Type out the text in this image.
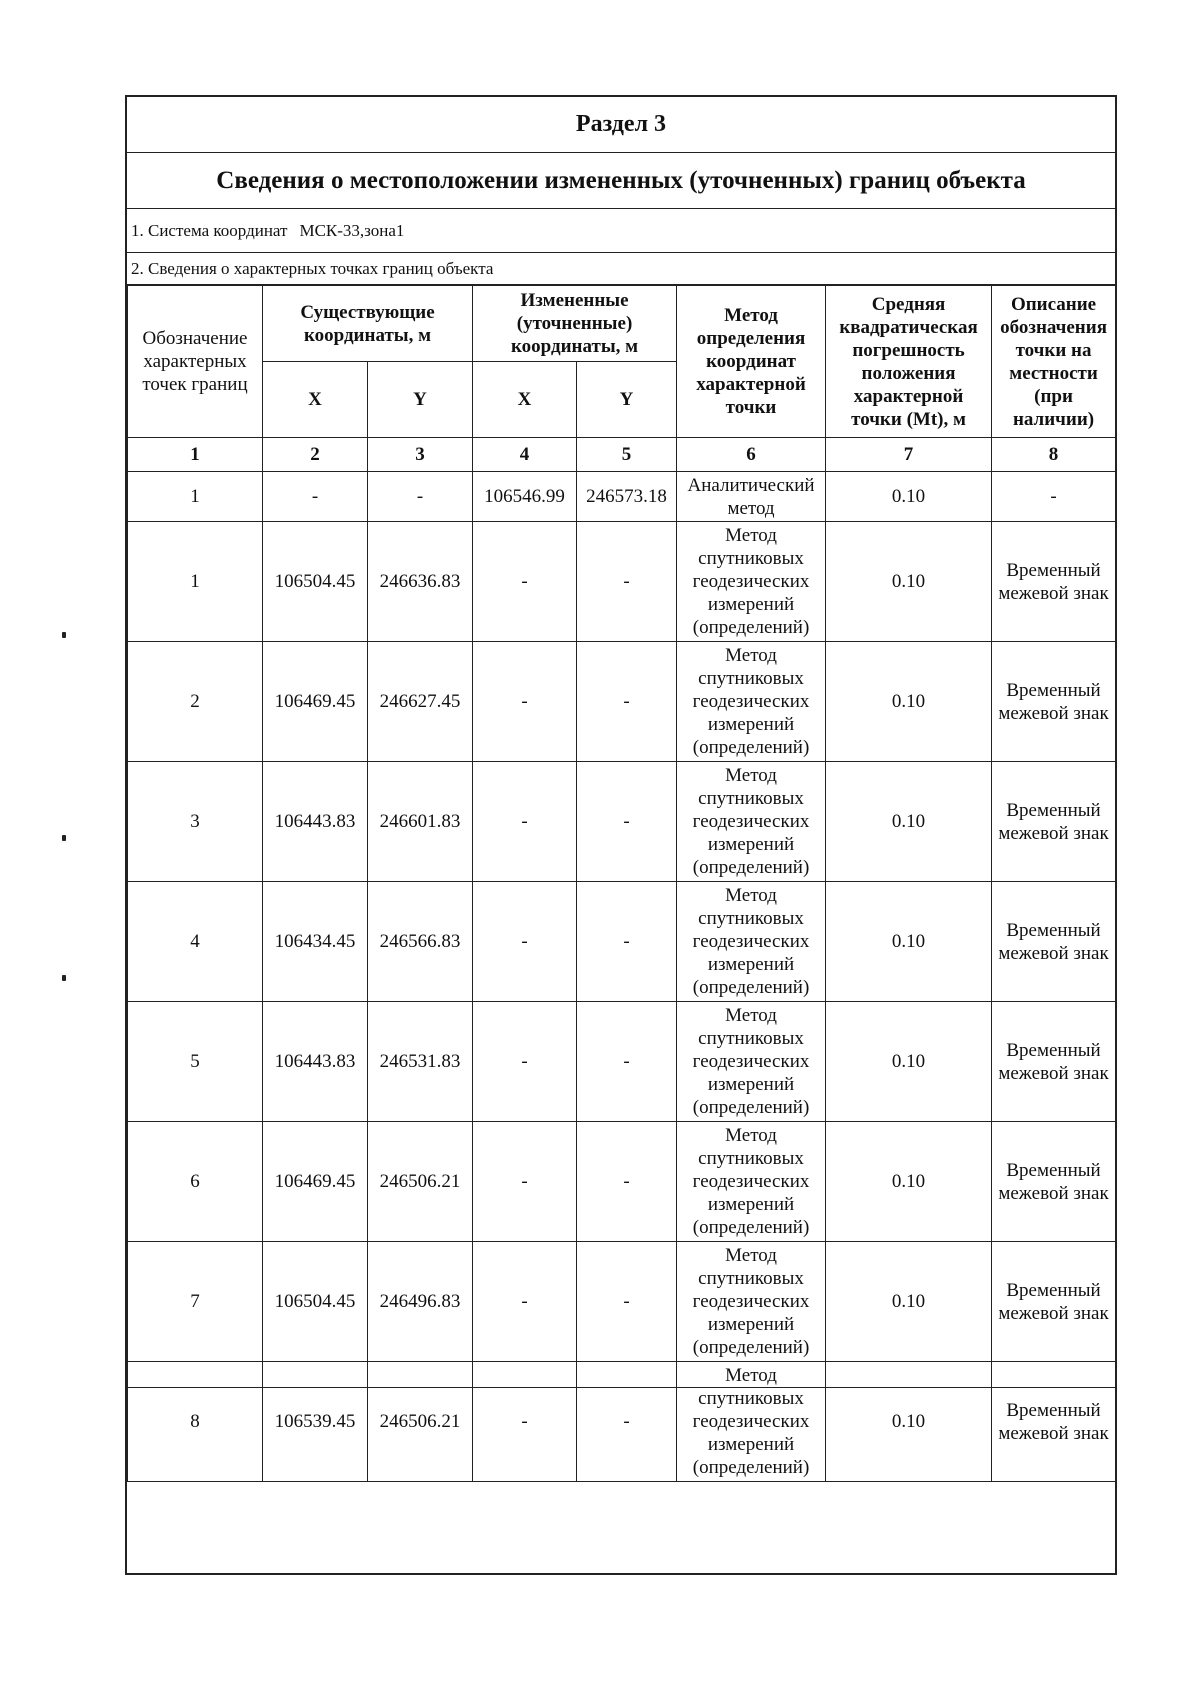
Раздел 3
Сведения о местоположении измененных (уточненных) границ объекта
1. Система координат МСК-33,зона1
2. Сведения о характерных точках границ объекта
Обозначение характерных точек границ	Существующие координаты, м		Измененные (уточненные) координаты, м		Метод определения координат характерной точки	Средняя квадратическая погрешность положения характерной точки (Mt), м	Описание обозначения точки на местности (при наличии)
	X	Y	X	Y			
1	2	3	4	5	6	7	8
1	-	-	106546.99	246573.18	Аналитический метод	0.10	-
1	106504.45	246636.83	-	-	Метод спутниковых геодезических измерений (определений)	0.10	Временный межевой знак
2	106469.45	246627.45	-	-	Метод спутниковых геодезических измерений (определений)	0.10	Временный межевой знак
3	106443.83	246601.83	-	-	Метод спутниковых геодезических измерений (определений)	0.10	Временный межевой знак
4	106434.45	246566.83	-	-	Метод спутниковых геодезических измерений (определений)	0.10	Временный межевой знак
5	106443.83	246531.83	-	-	Метод спутниковых геодезических измерений (определений)	0.10	Временный межевой знак
6	106469.45	246506.21	-	-	Метод спутниковых геодезических измерений (определений)	0.10	Временный межевой знак
7	106504.45	246496.83	-	-	Метод спутниковых геодезических измерений (определений)	0.10	Временный межевой знак
8	106539.45	246506.21	-	-	Метод спутниковых геодезических измерений (определений)	0.10	Временный межевой знак
